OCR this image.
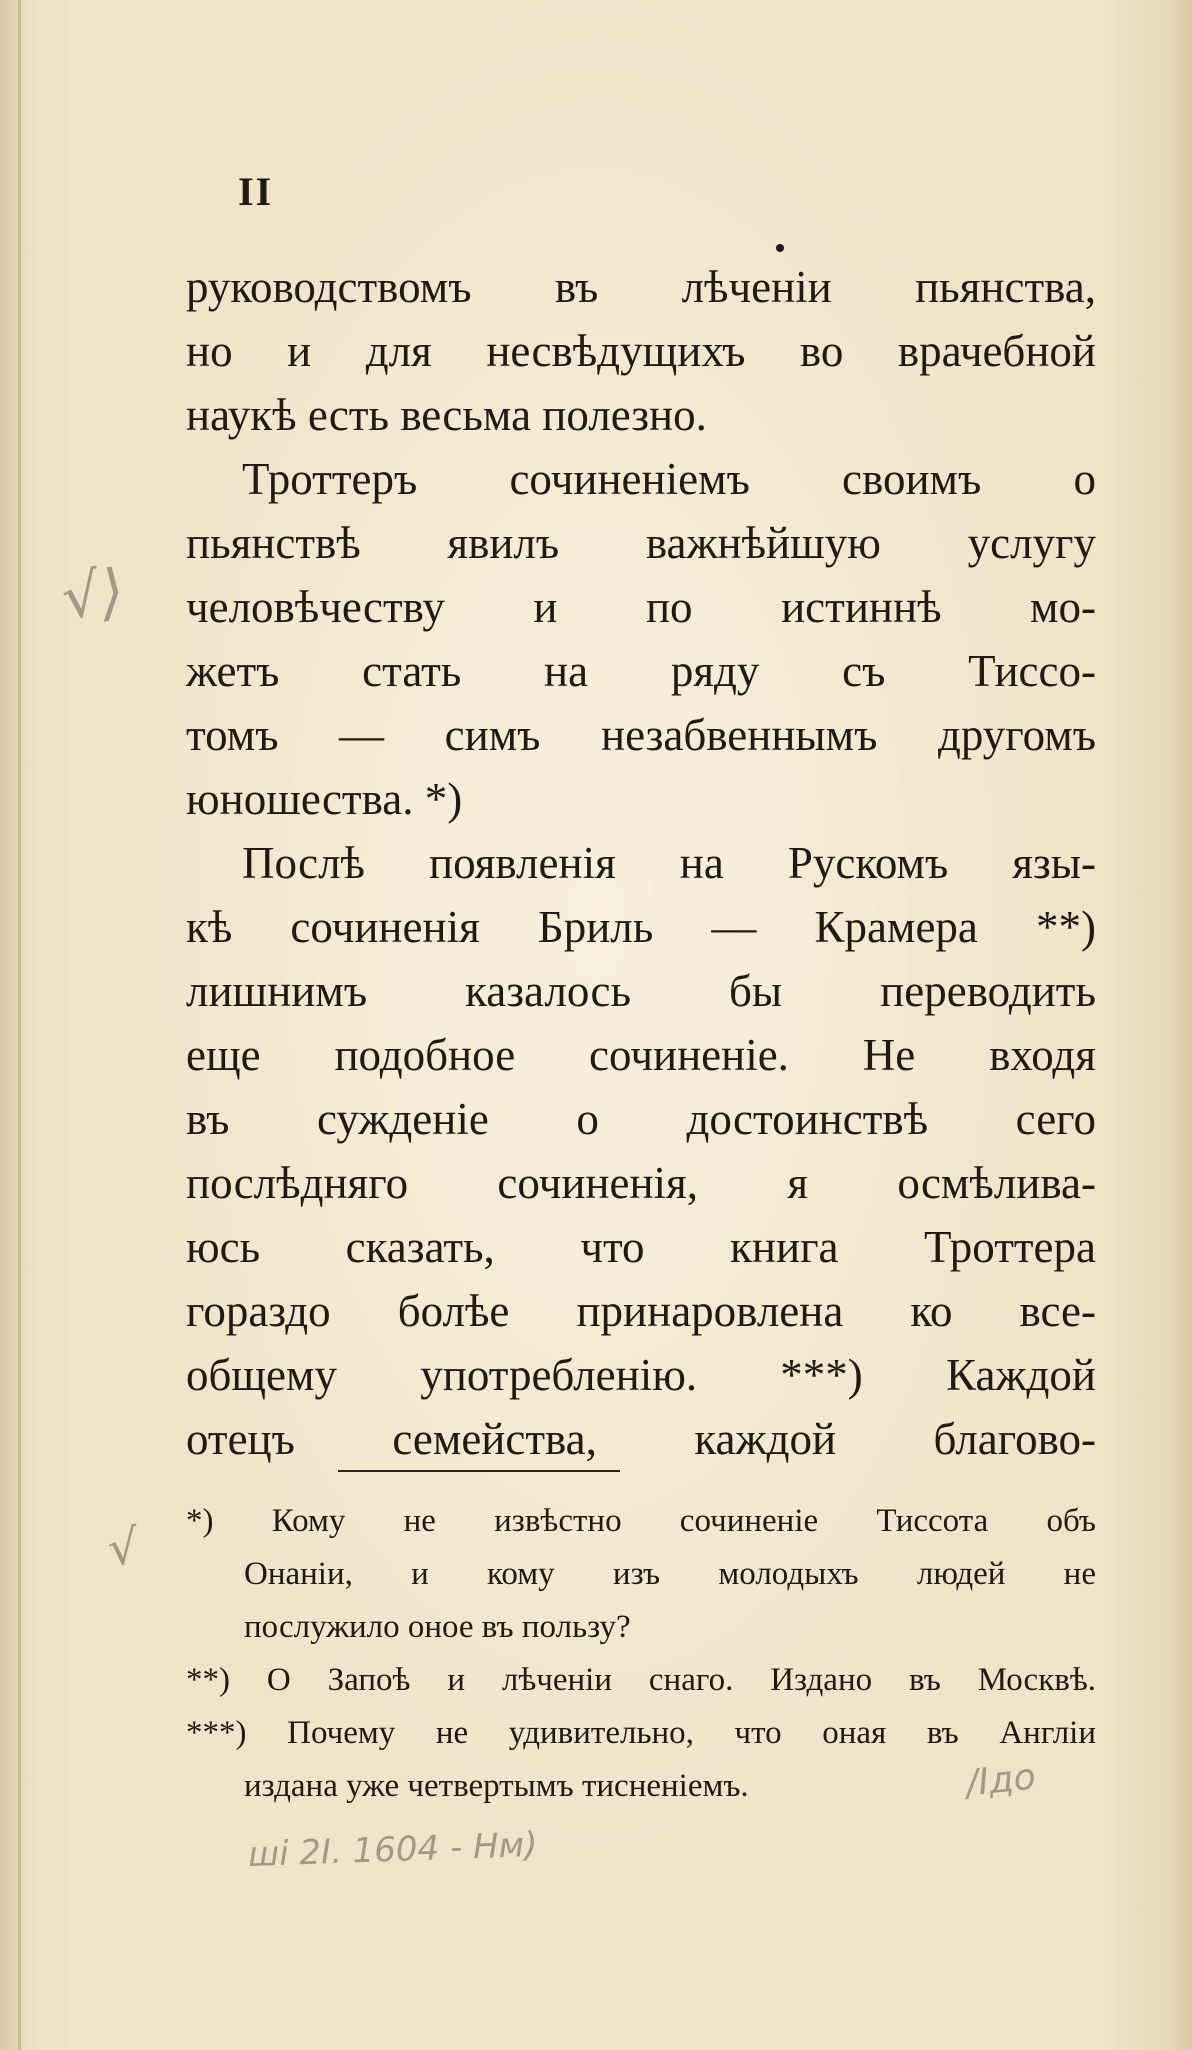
II
руководствомъ въ лѣченіи пьянства,
но и для несвѣдущихъ во врачебной
наукѣ есть весьма полезно.
Троттеръ сочиненіемъ своимъ о
пьянствѣ явилъ важнѣйшую услугу
человѣчеству и по истиннѣ мо-
жетъ стать на ряду съ Тиссо-
томъ — симъ незабвеннымъ другомъ
юношества. *)
Послѣ появленія на Рускомъ язы-
кѣ сочиненія Бриль — Крамера **)
лишнимъ казалось бы переводить
еще подобное сочиненіе. Не входя
въ сужденіе о достоинствѣ сего
послѣдняго сочиненія, я осмѣлива-
юсь сказать, что книга Троттера
гораздо болѣе принаровлена ко все-
общему употребленію. ***) Каждой
отецъ семейства, каждой благово-
*) Кому не извѣстно сочиненіе Тиссота объ
Онаніи, и кому изъ молодыхъ людей не
послужило оное въ пользу?
**) О Запоѣ и лѣченіи снаго. Издано въ Москвѣ.
***) Почему не удивительно, что оная въ Англіи
издана уже четвертымъ тисненіемъ.
√⟩
√
ші 2І. 1604 - Нм)
/Ідо
